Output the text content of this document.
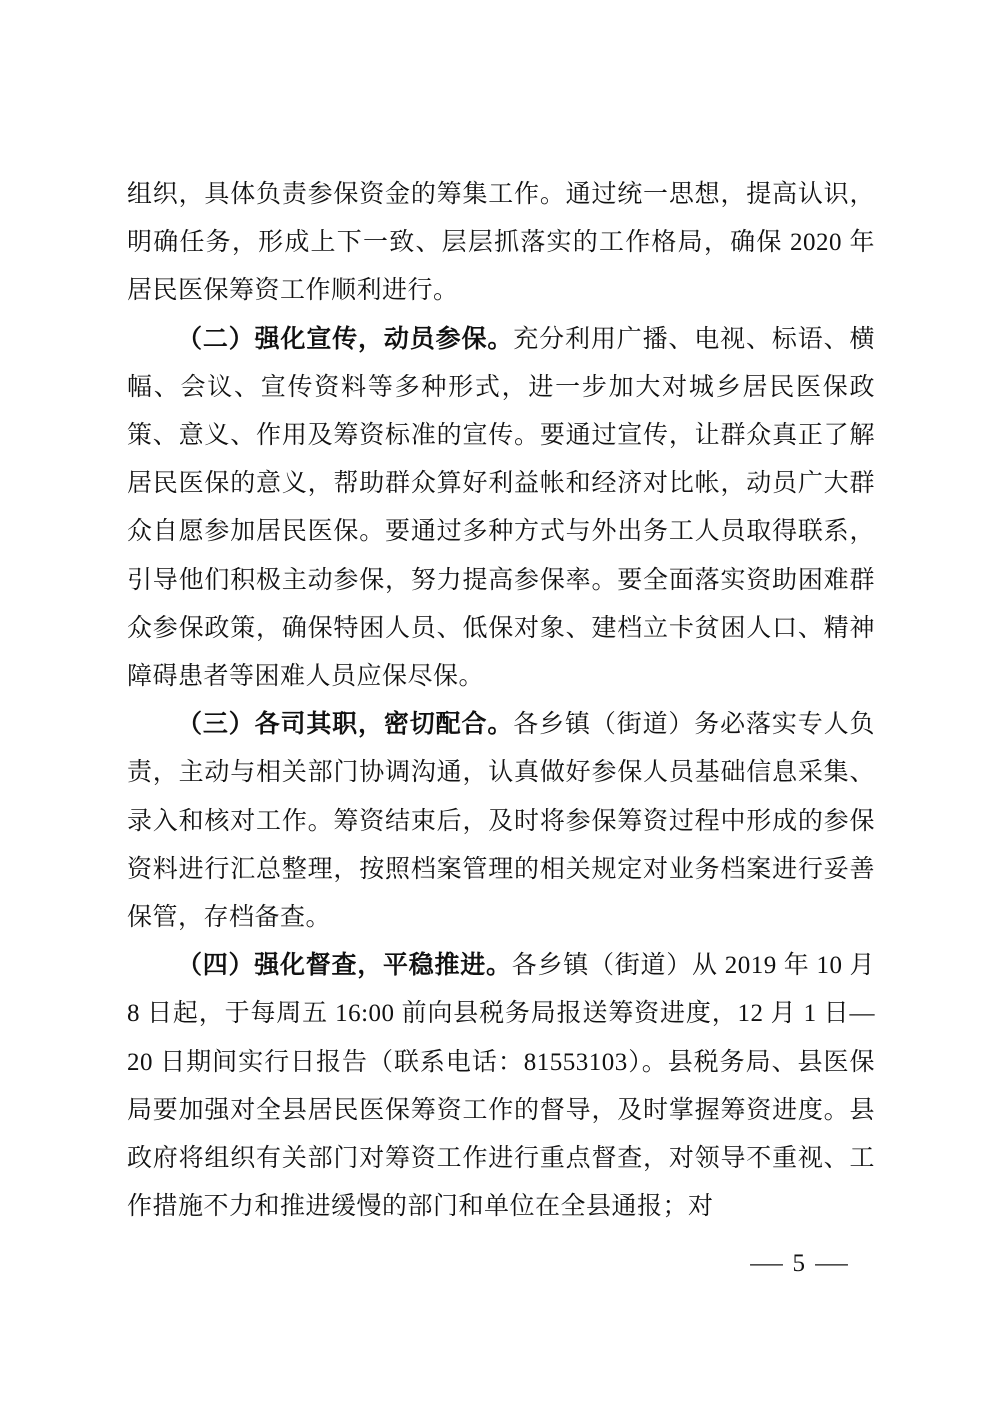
组织，具体负责参保资金的筹集工作。通过统一思想，提高认识，明确任务，形成上下一致、层层抓落实的工作格局，确保 2020 年居民医保筹资工作顺利进行。

（二）强化宣传，动员参保。充分利用广播、电视、标语、横幅、会议、宣传资料等多种形式，进一步加大对城乡居民医保政策、意义、作用及筹资标准的宣传。要通过宣传，让群众真正了解居民医保的意义，帮助群众算好利益帐和经济对比帐，动员广大群众自愿参加居民医保。要通过多种方式与外出务工人员取得联系，引导他们积极主动参保，努力提高参保率。要全面落实资助困难群众参保政策，确保特困人员、低保对象、建档立卡贫困人口、精神障碍患者等困难人员应保尽保。

（三）各司其职，密切配合。各乡镇（街道）务必落实专人负责，主动与相关部门协调沟通，认真做好参保人员基础信息采集、录入和核对工作。筹资结束后，及时将参保筹资过程中形成的参保资料进行汇总整理，按照档案管理的相关规定对业务档案进行妥善保管，存档备查。

（四）强化督查，平稳推进。各乡镇（街道）从 2019 年 10 月 8 日起，于每周五 16:00 前向县税务局报送筹资进度，12 月 1 日—20 日期间实行日报告（联系电话：81553103）。县税务局、县医保局要加强对全县居民医保筹资工作的督导，及时掌握筹资进度。县政府将组织有关部门对筹资工作进行重点督查，对领导不重视、工作措施不力和推进缓慢的部门和单位在全县通报；对

— 5 —
